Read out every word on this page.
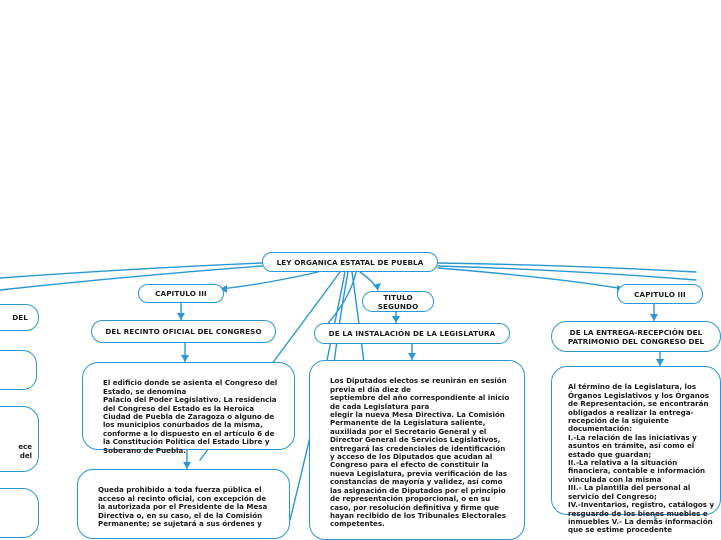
LEY ORGANICA ESTATAL DE PUEBLA
DEL
ece
del
CAPITULO III
DEL RECINTO OFICIAL DEL CONGRESO

El edificio donde se asienta el Congreso del Estado, se denomina
Palacio del Poder Legislativo. La residencia del Congreso del Estado es la Heroica Ciudad de Puebla de Zaragoza o alguno de los municipios conurbados de la misma, conforme a lo dispuesto en el artículo 6 de la Constitución Política del Estado Libre y Soberano de Puebla.

Queda prohibido a toda fuerza pública el acceso al recinto oficial, con excepción de la autorizada por el Presidente de la Mesa Directiva o, en su caso, el de la Comisión Permanente; se sujetará a sus órdenes y

TITULO SEGUNDO
DE LA INSTALACIÓN DE LA LEGISLATURA

Los Diputados electos se reunirán en sesión previa el día diez de
septiembre del año correspondiente al inicio de cada Legislatura para
elegir la nueva Mesa Directiva. La Comisión Permanente de la Legislatura saliente, auxiliada por el Secretario General y el Director General de Servicios Legislativos, entregará las credenciales de identificación y acceso de los Diputados que acudan al Congreso para el efecto de constituir la nueva Legislatura, previa verificación de las constancias de mayoría y validez, así como las asignación de Diputados por el principio de representación proporcional, o en su caso, por resolución definitiva y firme que hayan recibido de los Tribunales Electorales competentes.

CAPITULO III
DE LA ENTREGA-RECEPCIÓN DEL
PATRIMONIO DEL CONGRESO DEL

Al término de la Legislatura, los Órganos Legislativos y los Órganos de Representación, se encontrarán obligados a realizar la entrega-recepción de la siguiente documentación:
I.-La relación de las iniciativas y asuntos en trámite, así como el estado que guardan;
II.-La relativa a la situación financiera, contable e información vinculada con la misma
III.- La plantilla del personal al servicio del Congreso;
IV.-Inventarios, registro, catálogos y resguardo de los bienes muebles e inmuebles V.- La demás información que se estime procedente
